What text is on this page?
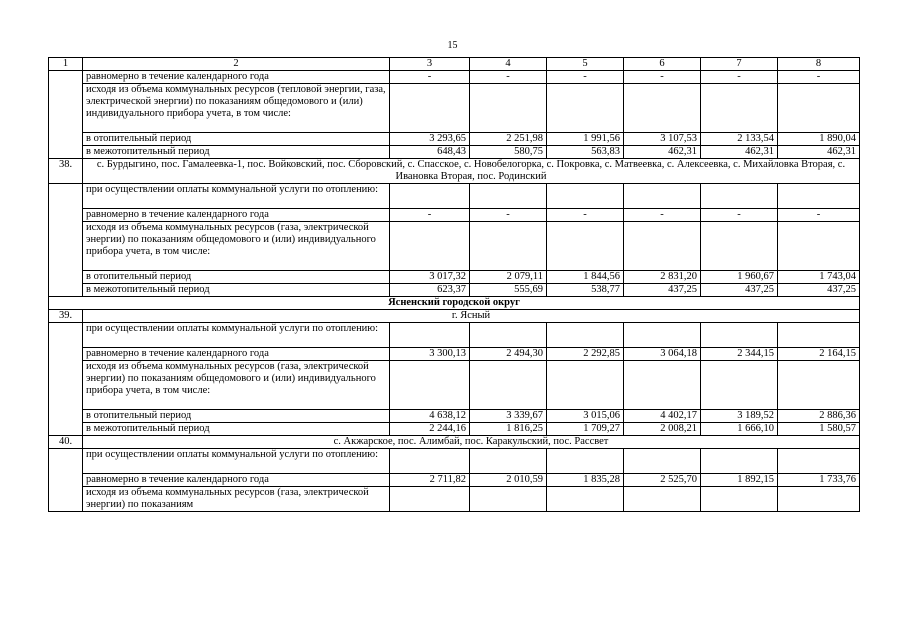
15
1	2	3	4	5	6	7	8
	равномерно в течение календарного года	-	-	-	-	-	-
	исходя из объема коммунальных ресурсов (тепловой энергии, газа, электрической энергии) по показаниям общедомового и (или) индивидуального прибора учета, в том числе:						
	в отопительный период	3 293,65	2 251,98	1 991,56	3 107,53	2 133,54	1 890,04
	в межотопительный период	648,43	580,75	563,83	462,31	462,31	462,31
38.	с. Бурдыгино, пос. Гамалеевка-1, пос. Войковский, пос. Сборовский, с. Спасское, с. Новобелогорка, с. Покровка, с. Матвеевка, с. Алексеевка, с. Михайловка Вторая, с. Ивановка Вторая, пос. Родинский						
	при осуществлении оплаты коммунальной услуги по отоплению:						
	равномерно в течение календарного года	-	-	-	-	-	-
	исходя из объема коммунальных ресурсов (газа, электрической энергии) по показаниям общедомового и (или) индивидуального прибора учета, в том числе:						
	в отопительный период	3 017,32	2 079,11	1 844,56	2 831,20	1 960,67	1 743,04
	в межотопительный период	623,37	555,69	538,77	437,25	437,25	437,25
Ясненский городской округ							
39.	г. Ясный						
	при осуществлении оплаты коммунальной услуги по отоплению:						
	равномерно в течение календарного года	3 300,13	2 494,30	2 292,85	3 064,18	2 344,15	2 164,15
	исходя из объема коммунальных ресурсов (газа, электрической энергии) по показаниям общедомового и (или) индивидуального прибора учета, в том числе:						
	в отопительный период	4 638,12	3 339,67	3 015,06	4 402,17	3 189,52	2 886,36
	в межотопительный период	2 244,16	1 816,25	1 709,27	2 008,21	1 666,10	1 580,57
40.	с. Акжарское, пос. Алимбай, пос. Каракульский, пос. Рассвет						
	при осуществлении оплаты коммунальной услуги по отоплению:						
	равномерно в течение календарного года	2 711,82	2 010,59	1 835,28	2 525,70	1 892,15	1 733,76
	исходя из объема коммунальных ресурсов (газа, электрической энергии) по показаниям						
